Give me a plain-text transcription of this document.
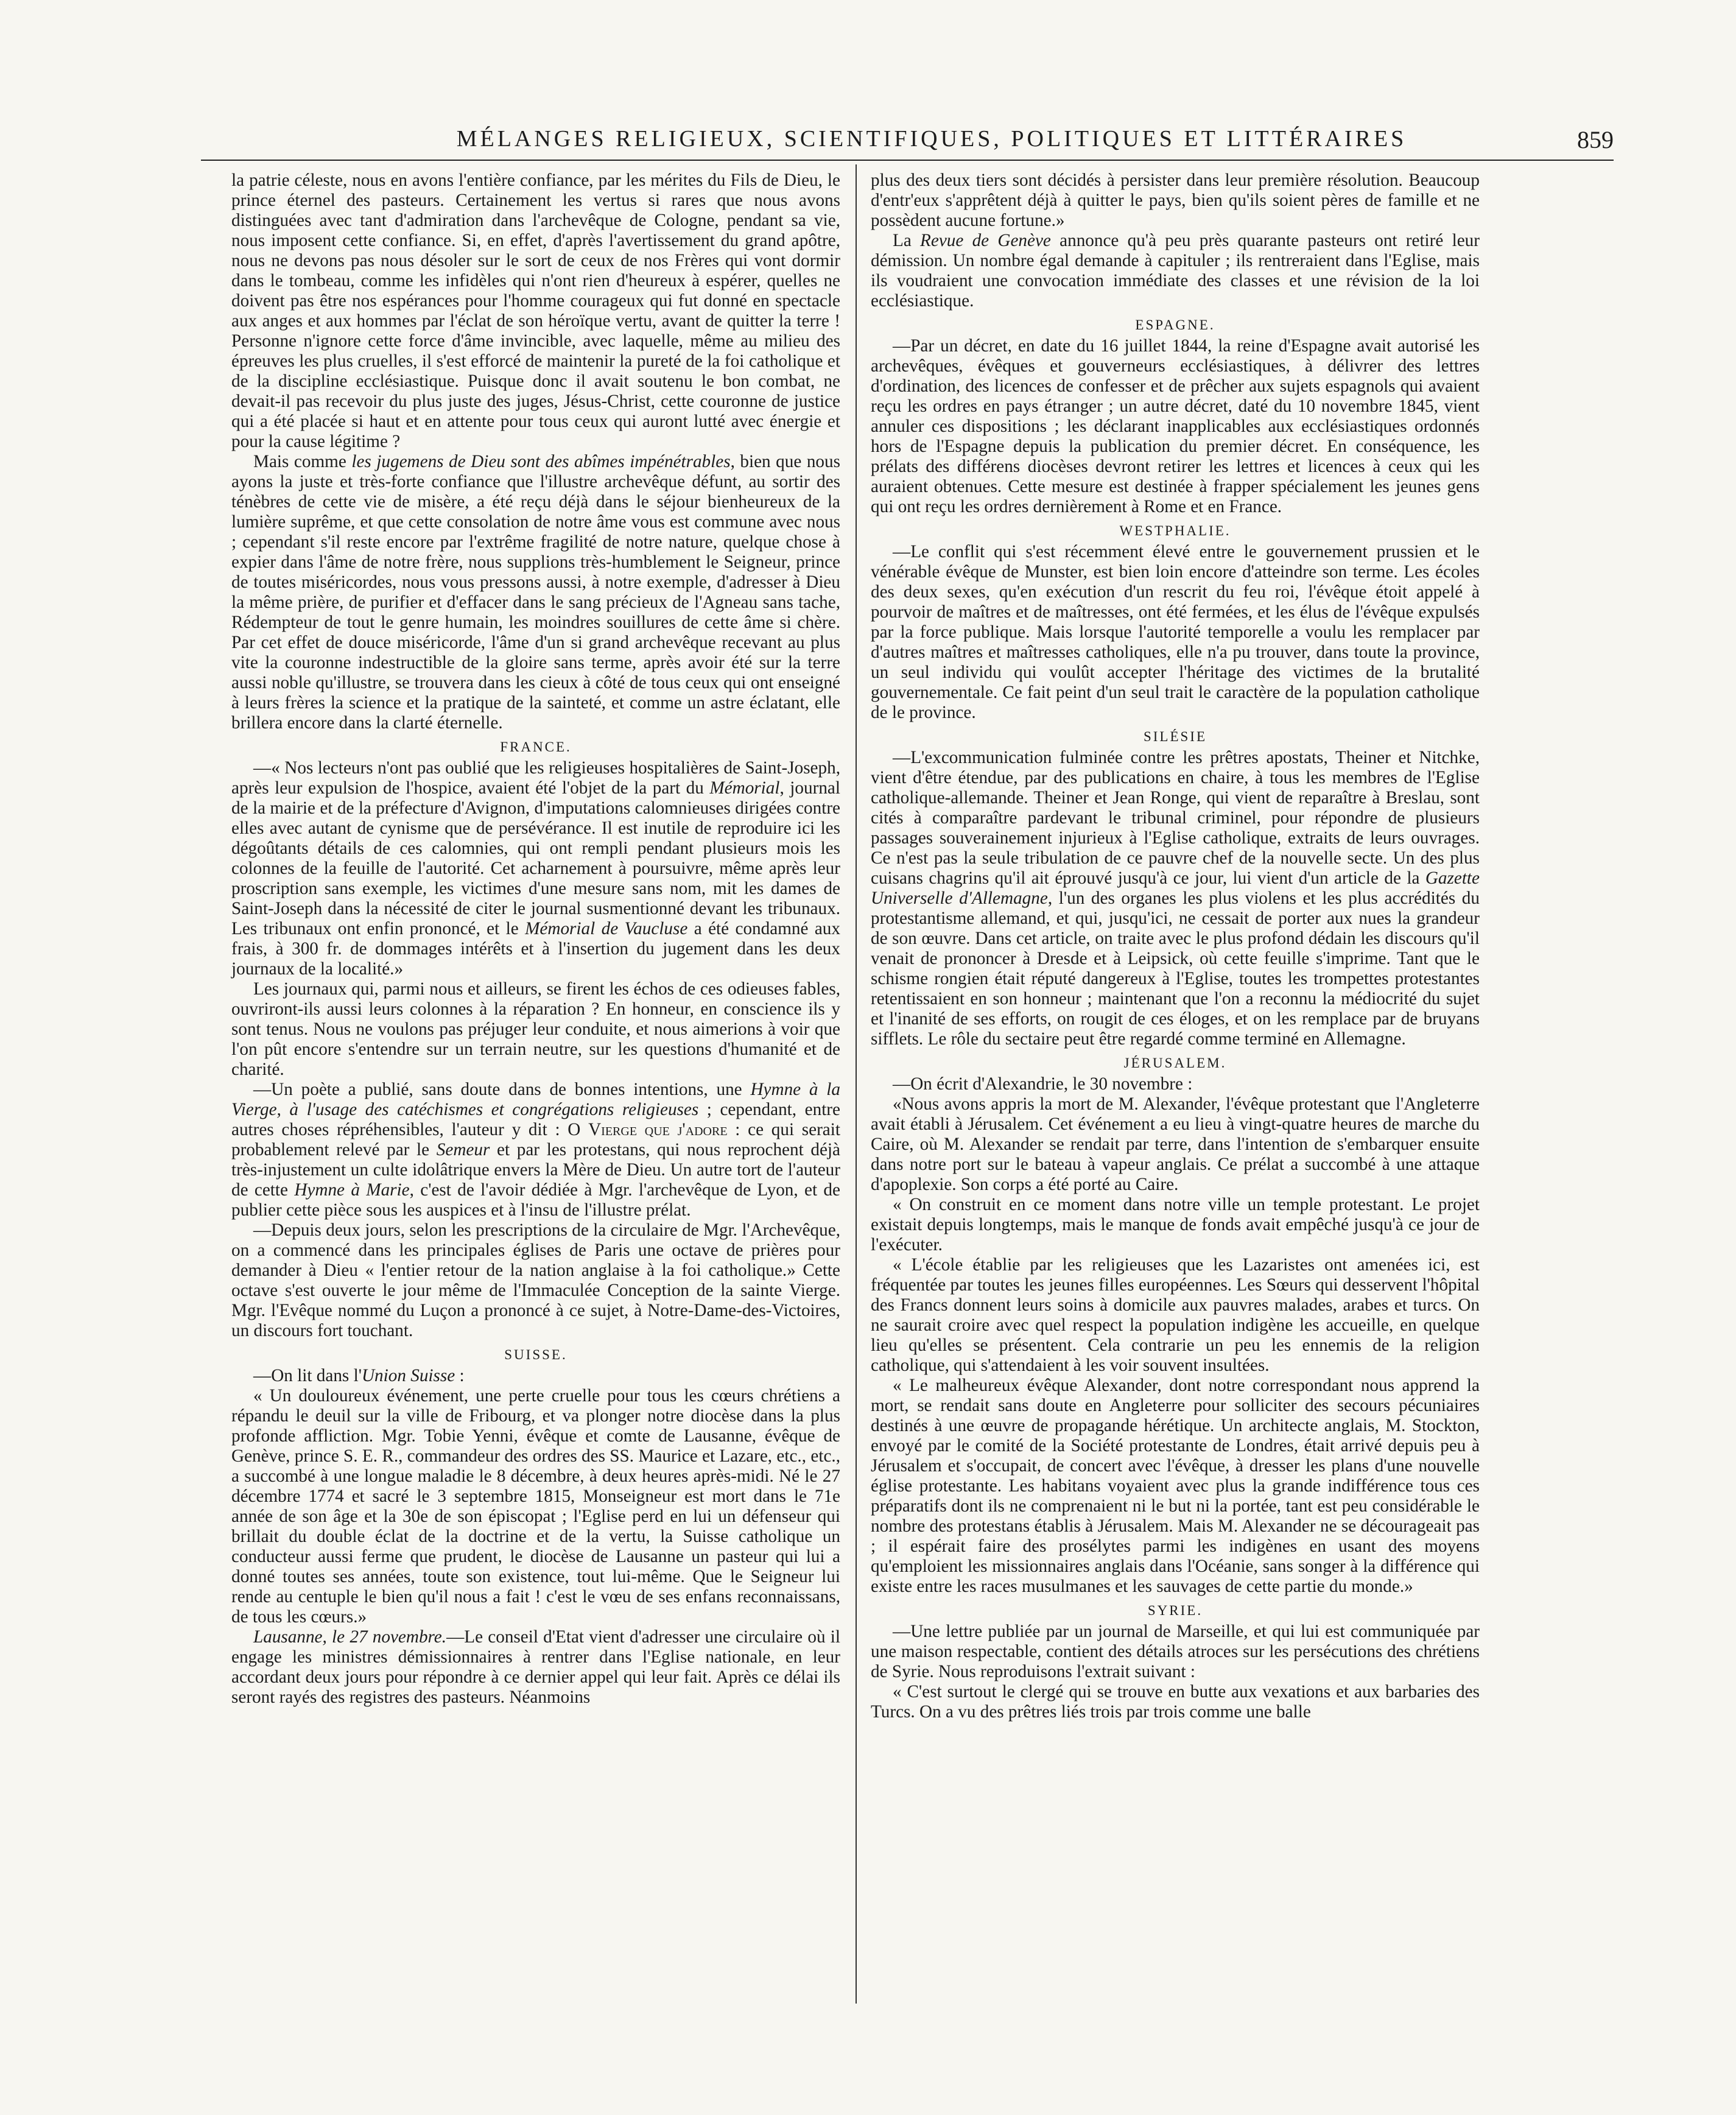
MÉLANGES RELIGIEUX, SCIENTIFIQUES, POLITIQUES ET LITTÉRAIRES	859

la patrie céleste, nous en avons l'entière confiance, par les mérites du Fils de Dieu, le prince éternel des pasteurs. Certainement les vertus si rares que nous avons distinguées avec tant d'admiration dans l'archevêque de Cologne, pendant sa vie, nous imposent cette confiance. Si, en effet, d'après l'avertissement du grand apôtre, nous ne devons pas nous désoler sur le sort de ceux de nos Frères qui vont dormir dans le tombeau, comme les infidèles qui n'ont rien d'heureux à espérer, quelles ne doivent pas être nos espérances pour l'homme courageux qui fut donné en spectacle aux anges et aux hommes par l'éclat de son héroïque vertu, avant de quitter la terre ! Personne n'ignore cette force d'âme invincible, avec laquelle, même au milieu des épreuves les plus cruelles, il s'est efforcé de maintenir la pureté de la foi catholique et de la discipline ecclésiastique. Puisque donc il avait soutenu le bon combat, ne devait-il pas recevoir du plus juste des juges, Jésus-Christ, cette couronne de justice qui a été placée si haut et en attente pour tous ceux qui auront lutté avec énergie et pour la cause légitime ?

Mais comme les jugemens de Dieu sont des abîmes impénétrables, bien que nous ayons la juste et très-forte confiance que l'illustre archevêque défunt, au sortir des ténèbres de cette vie de misère, a été reçu déjà dans le séjour bienheureux de la lumière suprême, et que cette consolation de notre âme vous est commune avec nous ; cependant s'il reste encore par l'extrême fragilité de notre nature, quelque chose à expier dans l'âme de notre frère, nous supplions très-humblement le Seigneur, prince de toutes miséricordes, nous vous pressons aussi, à notre exemple, d'adresser à Dieu la même prière, de purifier et d'effacer dans le sang précieux de l'Agneau sans tache, Rédempteur de tout le genre humain, les moindres souillures de cette âme si chère. Par cet effet de douce miséricorde, l'âme d'un si grand archevêque recevant au plus vite la couronne indestructible de la gloire sans terme, après avoir été sur la terre aussi noble qu'illustre, se trouvera dans les cieux à côté de tous ceux qui ont enseigné à leurs frères la science et la pratique de la sainteté, et comme un astre éclatant, elle brillera encore dans la clarté éternelle.

FRANCE.

—« Nos lecteurs n'ont pas oublié que les religieuses hospitalières de Saint-Joseph, après leur expulsion de l'hospice, avaient été l'objet de la part du Mémorial, journal de la mairie et de la préfecture d'Avignon, d'imputations calomnieuses dirigées contre elles avec autant de cynisme que de persévérance. Il est inutile de reproduire ici les dégoûtants détails de ces calomnies, qui ont rempli pendant plusieurs mois les colonnes de la feuille de l'autorité. Cet acharnement à poursuivre, même après leur proscription sans exemple, les victimes d'une mesure sans nom, mit les dames de Saint-Joseph dans la nécessité de citer le journal susmentionné devant les tribunaux. Les tribunaux ont enfin prononcé, et le Mémorial de Vaucluse a été condamné aux frais, à 300 fr. de dommages intérêts et à l'insertion du jugement dans les deux journaux de la localité.»

Les journaux qui, parmi nous et ailleurs, se firent les échos de ces odieuses fables, ouvriront-ils aussi leurs colonnes à la réparation ? En honneur, en conscience ils y sont tenus. Nous ne voulons pas préjuger leur conduite, et nous aimerions à voir que l'on pût encore s'entendre sur un terrain neutre, sur les questions d'humanité et de charité.

—Un poète a publié, sans doute dans de bonnes intentions, une Hymne à la Vierge, à l'usage des catéchismes et congrégations religieuses ; cependant, entre autres choses répréhensibles, l'auteur y dit : O Vierge que j'adore : ce qui serait probablement relevé par le Semeur et par les protestans, qui nous reprochent déjà très-injustement un culte idolâtrique envers la Mère de Dieu. Un autre tort de l'auteur de cette Hymne à Marie, c'est de l'avoir dédiée à Mgr. l'archevêque de Lyon, et de publier cette pièce sous les auspices et à l'insu de l'illustre prélat.

—Depuis deux jours, selon les prescriptions de la circulaire de Mgr. l'Archevêque, on a commencé dans les principales églises de Paris une octave de prières pour demander à Dieu « l'entier retour de la nation anglaise à la foi catholique.» Cette octave s'est ouverte le jour même de l'Immaculée Conception de la sainte Vierge. Mgr. l'Evêque nommé du Luçon a prononcé à ce sujet, à Notre-Dame-des-Victoires, un discours fort touchant.

SUISSE.

—On lit dans l'Union Suisse :

« Un douloureux événement, une perte cruelle pour tous les cœurs chrétiens a répandu le deuil sur la ville de Fribourg, et va plonger notre diocèse dans la plus profonde affliction. Mgr. Tobie Yenni, évêque et comte de Lausanne, évêque de Genève, prince S. E. R., commandeur des ordres des SS. Maurice et Lazare, etc., etc., a succombé à une longue maladie le 8 décembre, à deux heures après-midi. Né le 27 décembre 1774 et sacré le 3 septembre 1815, Monseigneur est mort dans le 71e année de son âge et la 30e de son épiscopat ; l'Eglise perd en lui un défenseur qui brillait du double éclat de la doctrine et de la vertu, la Suisse catholique un conducteur aussi ferme que prudent, le diocèse de Lausanne un pasteur qui lui a donné toutes ses années, toute son existence, tout lui-même. Que le Seigneur lui rende au centuple le bien qu'il nous a fait ! c'est le vœu de ses enfans reconnaissans, de tous les cœurs.»

Lausanne, le 27 novembre.—Le conseil d'Etat vient d'adresser une circulaire où il engage les ministres démissionnaires à rentrer dans l'Eglise nationale, en leur accordant deux jours pour répondre à ce dernier appel qui leur fait. Après ce délai ils seront rayés des registres des pasteurs. Néanmoins

plus des deux tiers sont décidés à persister dans leur première résolution. Beaucoup d'entr'eux s'apprêtent déjà à quitter le pays, bien qu'ils soient pères de famille et ne possèdent aucune fortune.»

La Revue de Genève annonce qu'à peu près quarante pasteurs ont retiré leur démission. Un nombre égal demande à capituler ; ils rentreraient dans l'Eglise, mais ils voudraient une convocation immédiate des classes et une révision de la loi ecclésiastique.

ESPAGNE.

—Par un décret, en date du 16 juillet 1844, la reine d'Espagne avait autorisé les archevêques, évêques et gouverneurs ecclésiastiques, à délivrer des lettres d'ordination, des licences de confesser et de prêcher aux sujets espagnols qui avaient reçu les ordres en pays étranger ; un autre décret, daté du 10 novembre 1845, vient annuler ces dispositions ; les déclarant inapplicables aux ecclésiastiques ordonnés hors de l'Espagne depuis la publication du premier décret. En conséquence, les prélats des différens diocèses devront retirer les lettres et licences à ceux qui les auraient obtenues. Cette mesure est destinée à frapper spécialement les jeunes gens qui ont reçu les ordres dernièrement à Rome et en France.

WESTPHALIE.

—Le conflit qui s'est récemment élevé entre le gouvernement prussien et le vénérable évêque de Munster, est bien loin encore d'atteindre son terme. Les écoles des deux sexes, qu'en exécution d'un rescrit du feu roi, l'évêque étoit appelé à pourvoir de maîtres et de maîtresses, ont été fermées, et les élus de l'évêque expulsés par la force publique. Mais lorsque l'autorité temporelle a voulu les remplacer par d'autres maîtres et maîtresses catholiques, elle n'a pu trouver, dans toute la province, un seul individu qui voulût accepter l'héritage des victimes de la brutalité gouvernementale. Ce fait peint d'un seul trait le caractère de la population catholique de le province.

SILÉSIE

—L'excommunication fulminée contre les prêtres apostats, Theiner et Nitchke, vient d'être étendue, par des publications en chaire, à tous les membres de l'Eglise catholique-allemande. Theiner et Jean Ronge, qui vient de reparaître à Breslau, sont cités à comparaître pardevant le tribunal criminel, pour répondre de plusieurs passages souverainement injurieux à l'Eglise catholique, extraits de leurs ouvrages. Ce n'est pas la seule tribulation de ce pauvre chef de la nouvelle secte. Un des plus cuisans chagrins qu'il ait éprouvé jusqu'à ce jour, lui vient d'un article de la Gazette Universelle d'Allemagne, l'un des organes les plus violens et les plus accrédités du protestantisme allemand, et qui, jusqu'ici, ne cessait de porter aux nues la grandeur de son œuvre. Dans cet article, on traite avec le plus profond dédain les discours qu'il venait de prononcer à Dresde et à Leipsick, où cette feuille s'imprime. Tant que le schisme rongien était réputé dangereux à l'Eglise, toutes les trompettes protestantes retentissaient en son honneur ; maintenant que l'on a reconnu la médiocrité du sujet et l'inanité de ses efforts, on rougit de ces éloges, et on les remplace par de bruyans sifflets. Le rôle du sectaire peut être regardé comme terminé en Allemagne.

JÉRUSALEM.

—On écrit d'Alexandrie, le 30 novembre :

«Nous avons appris la mort de M. Alexander, l'évêque protestant que l'Angleterre avait établi à Jérusalem. Cet événement a eu lieu à vingt-quatre heures de marche du Caire, où M. Alexander se rendait par terre, dans l'intention de s'embarquer ensuite dans notre port sur le bateau à vapeur anglais. Ce prélat a succombé à une attaque d'apoplexie. Son corps a été porté au Caire.

« On construit en ce moment dans notre ville un temple protestant. Le projet existait depuis longtemps, mais le manque de fonds avait empêché jusqu'à ce jour de l'exécuter.

« L'école établie par les religieuses que les Lazaristes ont amenées ici, est fréquentée par toutes les jeunes filles européennes. Les Sœurs qui desservent l'hôpital des Francs donnent leurs soins à domicile aux pauvres malades, arabes et turcs. On ne saurait croire avec quel respect la population indigène les accueille, en quelque lieu qu'elles se présentent. Cela contrarie un peu les ennemis de la religion catholique, qui s'attendaient à les voir souvent insultées.

« Le malheureux évêque Alexander, dont notre correspondant nous apprend la mort, se rendait sans doute en Angleterre pour solliciter des secours pécuniaires destinés à une œuvre de propagande hérétique. Un architecte anglais, M. Stockton, envoyé par le comité de la Société protestante de Londres, était arrivé depuis peu à Jérusalem et s'occupait, de concert avec l'évêque, à dresser les plans d'une nouvelle église protestante. Les habitans voyaient avec plus la grande indifférence tous ces préparatifs dont ils ne comprenaient ni le but ni la portée, tant est peu considérable le nombre des protestans établis à Jérusalem. Mais M. Alexander ne se décourageait pas ; il espérait faire des prosélytes parmi les indigènes en usant des moyens qu'emploient les missionnaires anglais dans l'Océanie, sans songer à la différence qui existe entre les races musulmanes et les sauvages de cette partie du monde.»

SYRIE.

—Une lettre publiée par un journal de Marseille, et qui lui est communiquée par une maison respectable, contient des détails atroces sur les persécutions des chrétiens de Syrie. Nous reproduisons l'extrait suivant :

« C'est surtout le clergé qui se trouve en butte aux vexations et aux barbaries des Turcs. On a vu des prêtres liés trois par trois comme une balle
